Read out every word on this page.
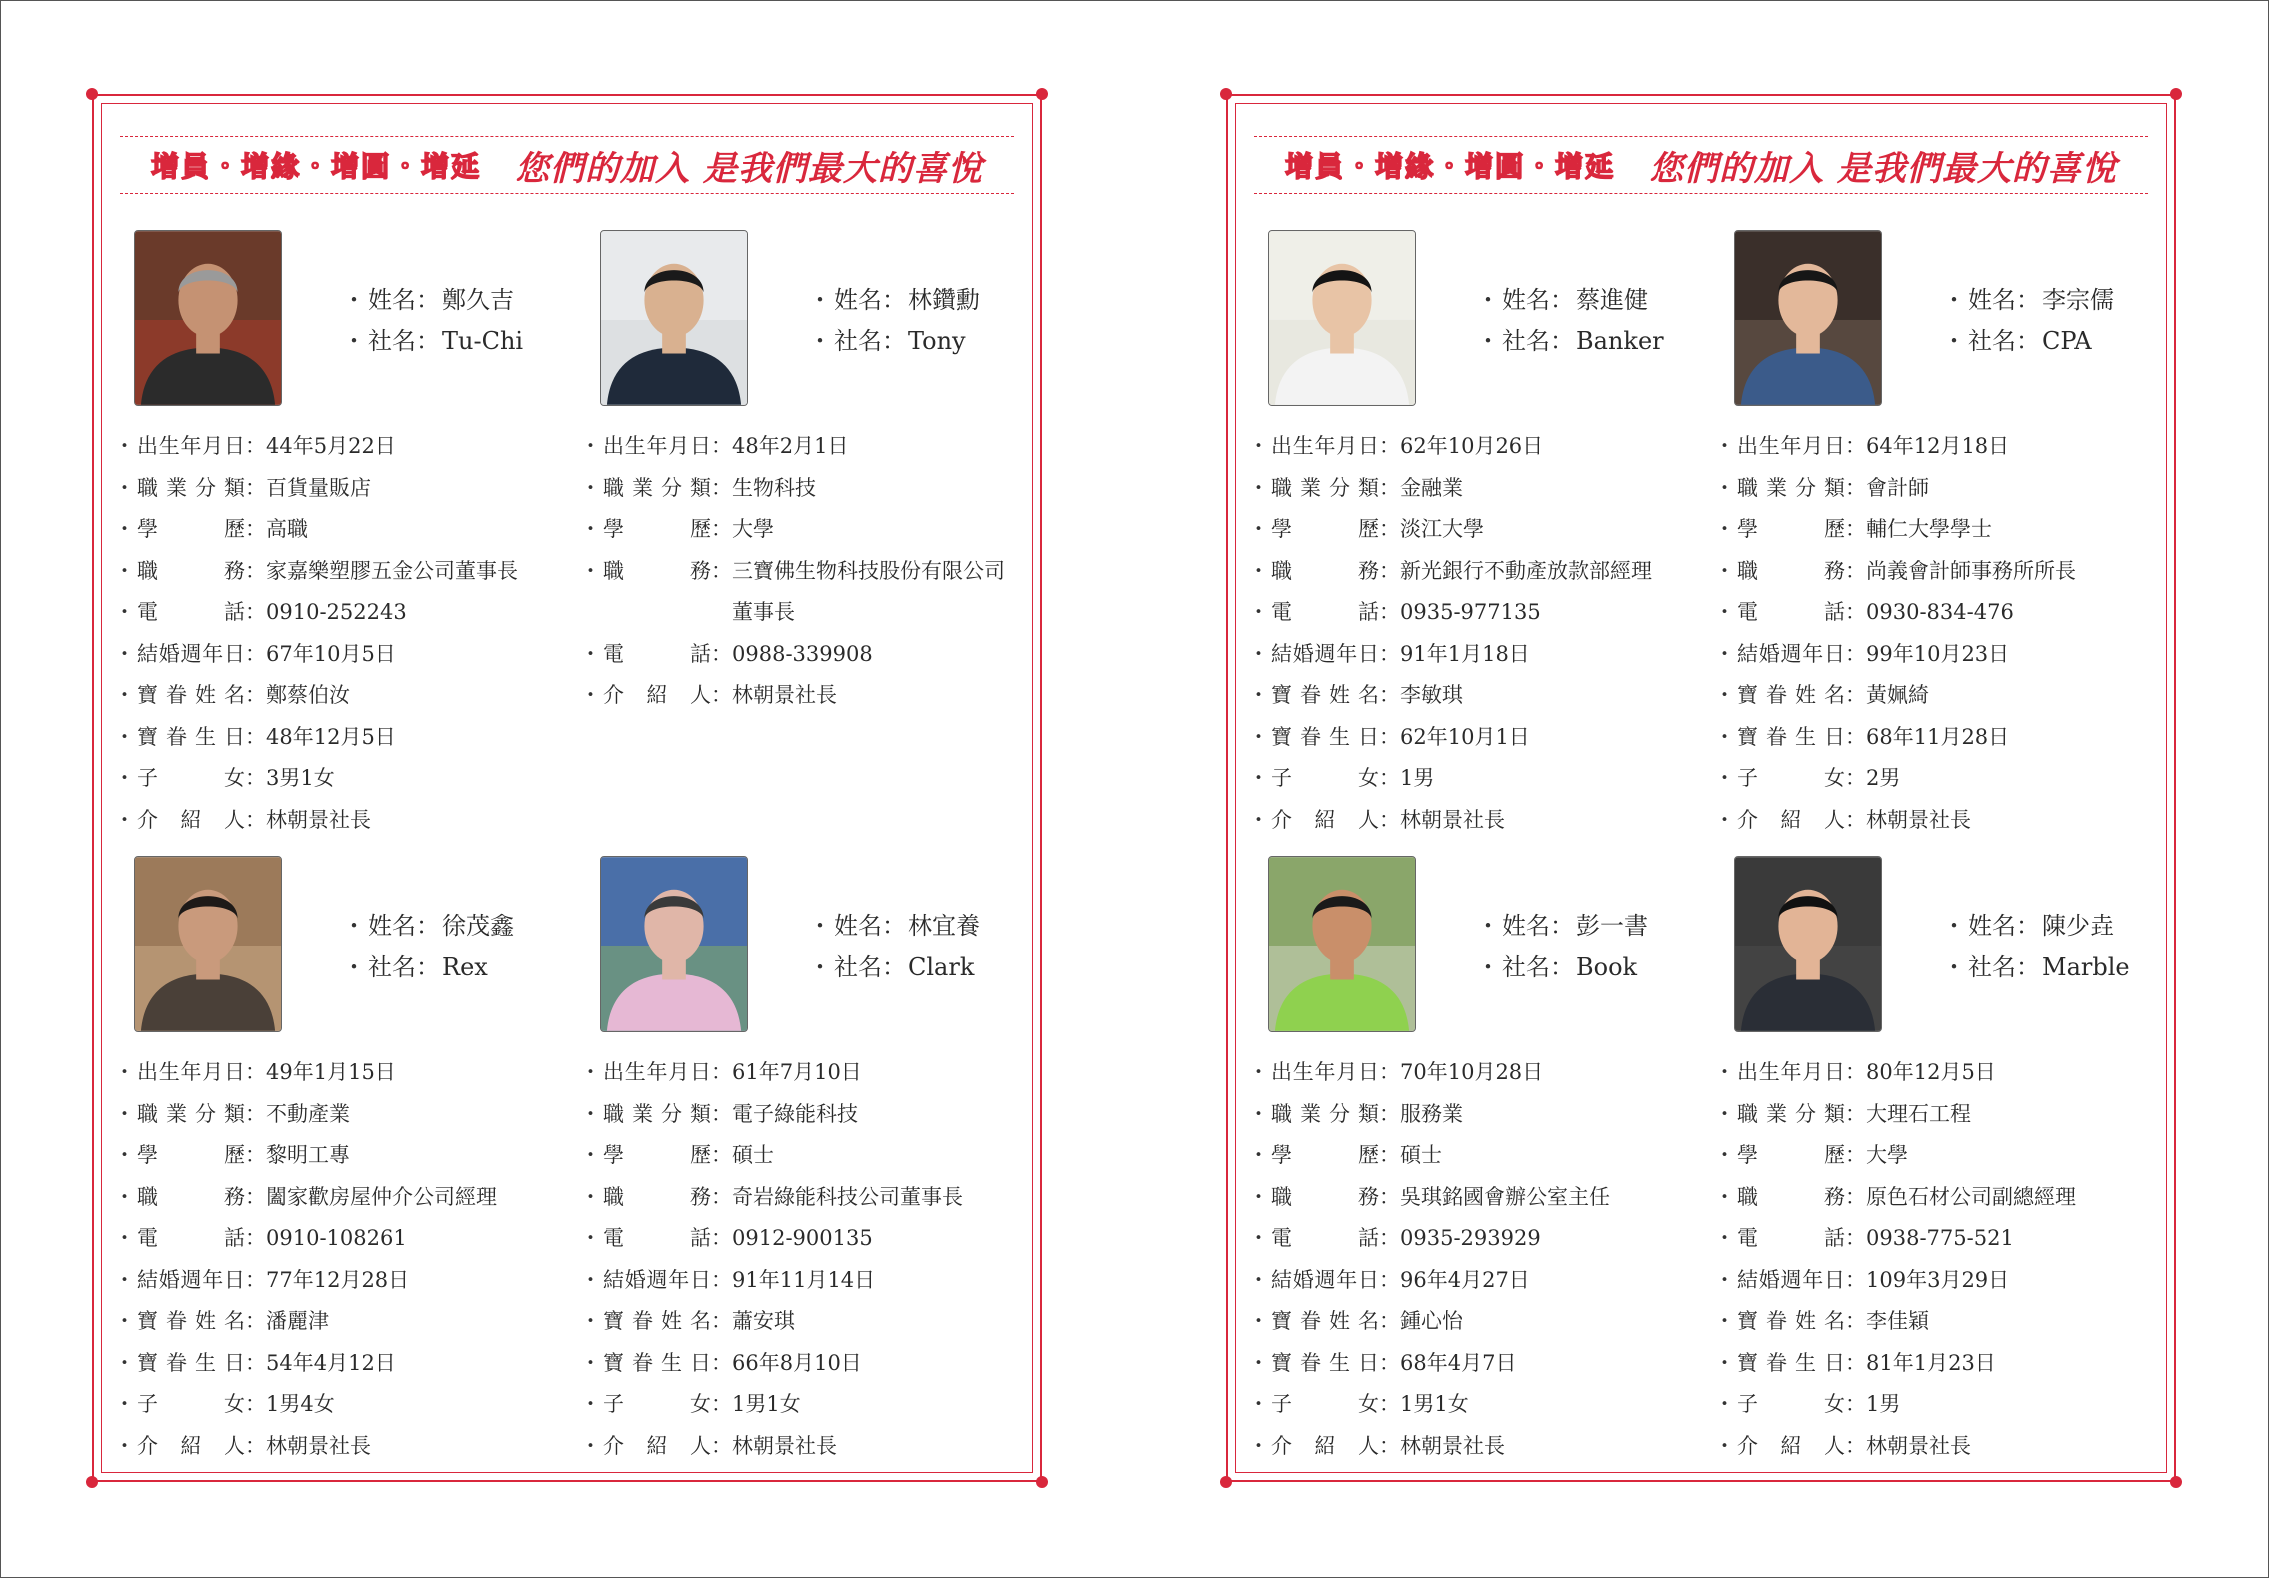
增員・增緣・增圓・增延 您們的加入 是我們最大的喜悅
・姓名：鄭久吉
・社名：Tu-Chi
・ 出 生 年 月 日 ： 44年5月22日
・ 職 業 分 類 ： 百貨量販店
・ 學	歷 ： 高職
・ 職	務 ： 家嘉樂塑膠五金公司董事長
・ 電	話 ： 0910-252243
・ 結 婚 週 年 日 ： 67年10月5日
・ 寶 眷 姓 名 ： 鄭蔡伯汝
・ 寶 眷 生 日 ： 48年12月5日
・ 子	女 ： 3男1女
・ 介 紹 人 ： 林朝景社長
・姓名：林鑽勳
・社名：Tony
・ 出 生 年 月 日 ： 48年2月1日
・ 職 業 分 類 ： 生物科技
・ 學	歷 ： 大學
・ 職	務 ： 三寶佛生物科技股份有限公司董事長
・ 電	話 ： 0988-339908
・ 介 紹 人 ： 林朝景社長
・姓名：徐茂鑫
・社名：Rex
・ 出 生 年 月 日 ： 49年1月15日
・ 職 業 分 類 ： 不動產業
・ 學	歷 ： 黎明工專
・ 職	務 ： 闔家歡房屋仲介公司經理
・ 電	話 ： 0910-108261
・ 結 婚 週 年 日 ： 77年12月28日
・ 寶 眷 姓 名 ： 潘麗津
・ 寶 眷 生 日 ： 54年4月12日
・ 子	女 ： 1男4女
・ 介 紹 人 ： 林朝景社長
・姓名：林宜養
・社名：Clark
・ 出 生 年 月 日 ： 61年7月10日
・ 職 業 分 類 ： 電子綠能科技
・ 學	歷 ： 碩士
・ 職	務 ： 奇岩綠能科技公司董事長
・ 電	話 ： 0912-900135
・ 結 婚 週 年 日 ： 91年11月14日
・ 寶 眷 姓 名 ： 蕭安琪
・ 寶 眷 生 日 ： 66年8月10日
・ 子	女 ： 1男1女
・ 介 紹 人 ： 林朝景社長
增員・增緣・增圓・增延 您們的加入 是我們最大的喜悅
・姓名：蔡進健
・社名：Banker
・ 出 生 年 月 日 ： 62年10月26日
・ 職 業 分 類 ： 金融業
・ 學	歷 ： 淡江大學
・ 職	務 ： 新光銀行不動產放款部經理
・ 電	話 ： 0935-977135
・ 結 婚 週 年 日 ： 91年1月18日
・ 寶 眷 姓 名 ： 李敏琪
・ 寶 眷 生 日 ： 62年10月1日
・ 子	女 ： 1男
・ 介 紹 人 ： 林朝景社長
・姓名：李宗儒
・社名：CPA
・ 出 生 年 月 日 ： 64年12月18日
・ 職 業 分 類 ： 會計師
・ 學	歷 ： 輔仁大學學士
・ 職	務 ： 尚義會計師事務所所長
・ 電	話 ： 0930-834-476
・ 結 婚 週 年 日 ： 99年10月23日
・ 寶 眷 姓 名 ： 黃姵綺
・ 寶 眷 生 日 ： 68年11月28日
・ 子	女 ： 2男
・ 介 紹 人 ： 林朝景社長
・姓名：彭一書
・社名：Book
・ 出 生 年 月 日 ： 70年10月28日
・ 職 業 分 類 ： 服務業
・ 學	歷 ： 碩士
・ 職	務 ： 吳琪銘國會辦公室主任
・ 電	話 ： 0935-293929
・ 結 婚 週 年 日 ： 96年4月27日
・ 寶 眷 姓 名 ： 鍾心怡
・ 寶 眷 生 日 ： 68年4月7日
・ 子	女 ： 1男1女
・ 介 紹 人 ： 林朝景社長
・姓名：陳少垚
・社名：Marble
・ 出 生 年 月 日 ： 80年12月5日
・ 職 業 分 類 ： 大理石工程
・ 學	歷 ： 大學
・ 職	務 ： 原色石材公司副總經理
・ 電	話 ： 0938-775-521
・ 結 婚 週 年 日 ： 109年3月29日
・ 寶 眷 姓 名 ： 李佳穎
・ 寶 眷 生 日 ： 81年1月23日
・ 子	女 ： 1男
・ 介 紹 人 ： 林朝景社長
